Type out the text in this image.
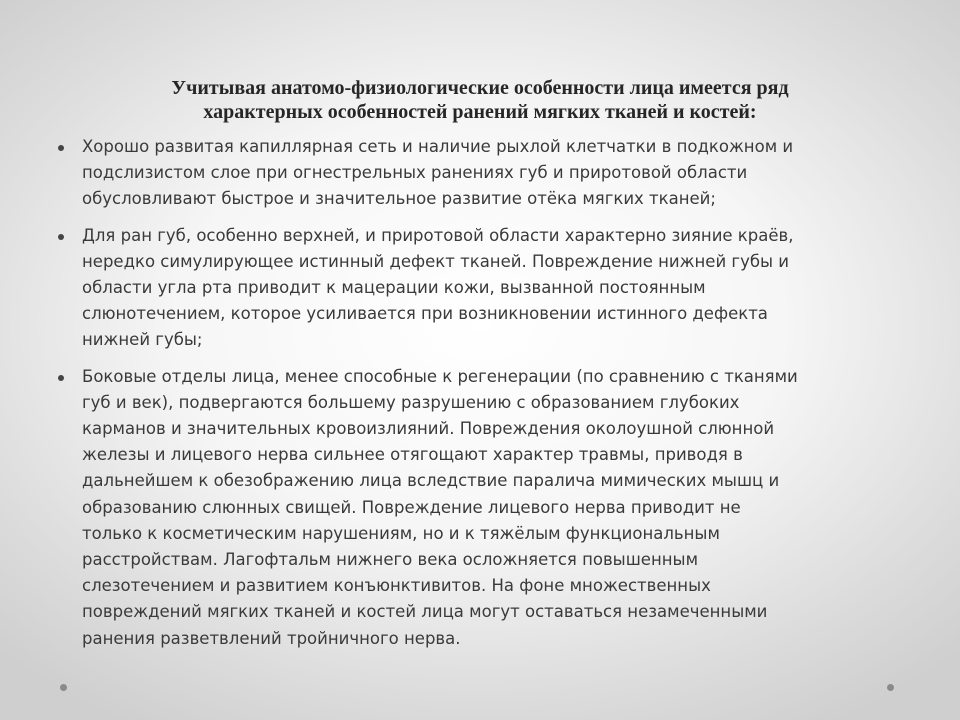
Учитывая анатомо-физиологические особенности лица имеется ряд
характерных особенностей ранений мягких тканей и костей:
Хорошо развитая капиллярная сеть и наличие рыхлой клетчатки в подкожном и
подслизистом слое при огнестрельных ранениях губ и приротовой области
обусловливают быстрое и значительное развитие отёка мягких тканей;
Для ран губ, особенно верхней, и приротовой области характерно зияние краёв,
нередко симулирующее истинный дефект тканей. Повреждение нижней губы и
области угла рта приводит к мацерации кожи, вызванной постоянным
слюнотечением, которое усиливается при возникновении истинного дефекта
нижней губы;
Боковые отделы лица, менее способные к регенерации (по сравнению с тканями
губ и век), подвергаются большему разрушению с образованием глубоких
карманов и значительных кровоизлияний. Повреждения околоушной слюнной
железы и лицевого нерва сильнее отягощают характер травмы, приводя в
дальнейшем к обезображению лица вследствие паралича мимических мышц и
образованию слюнных свищей. Повреждение лицевого нерва приводит не
только к косметическим нарушениям, но и к тяжёлым функциональным
расстройствам. Лагофтальм нижнего века осложняется повышенным
слезотечением и развитием конъюнктивитов. На фоне множественных
повреждений мягких тканей и костей лица могут оставаться незамеченными
ранения разветвлений тройничного нерва.
